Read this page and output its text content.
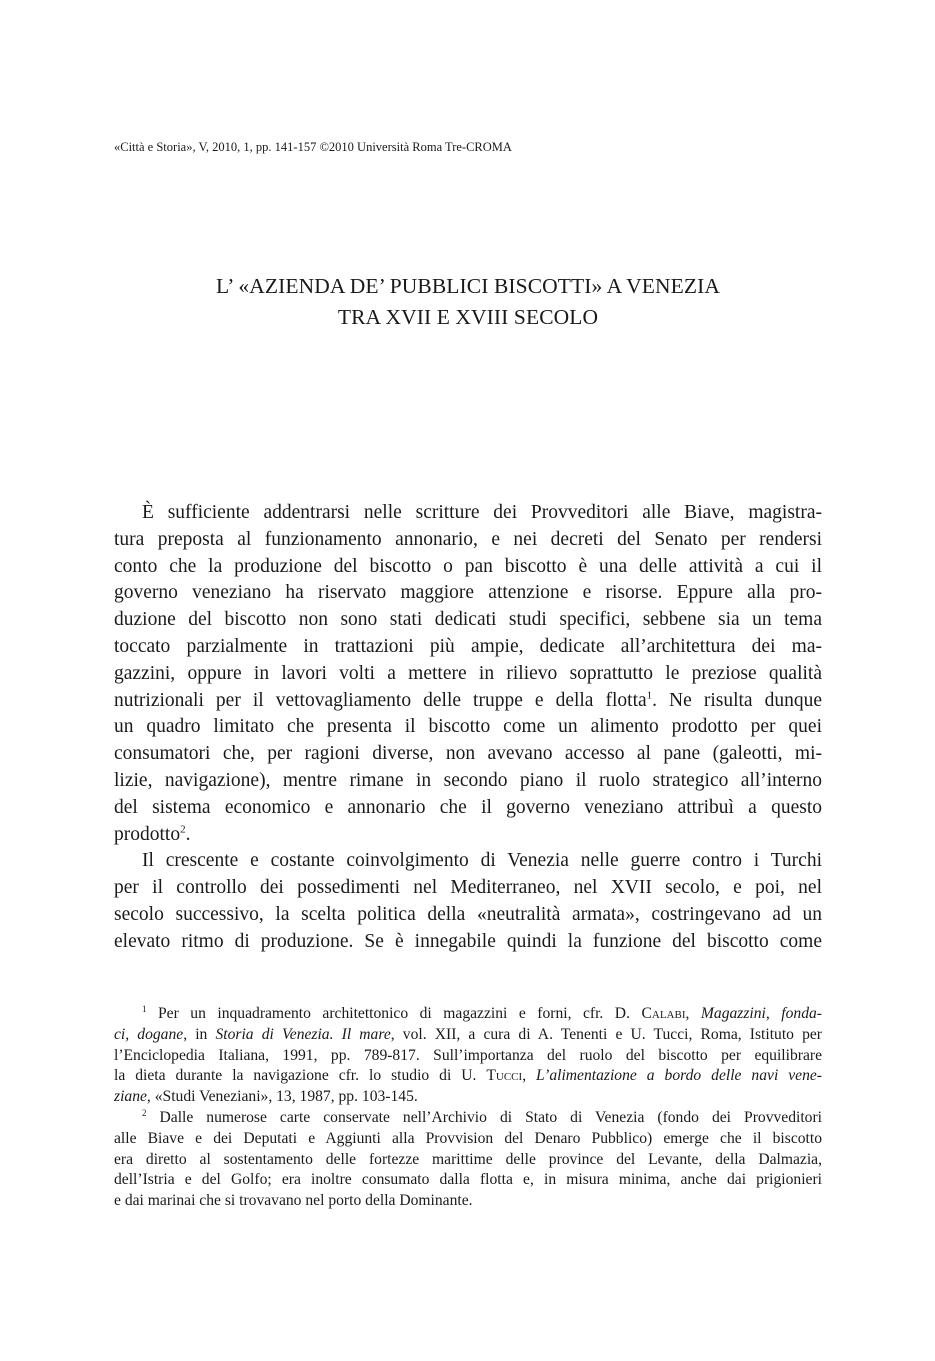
«Città e Storia», V, 2010, 1, pp. 141-157 ©2010 Università Roma Tre-CROMA
L’ «AZIENDA DE’ PUBBLICI BISCOTTI» A VENEZIA
TRA XVII E XVIII SECOLO

È sufficiente addentrarsi nelle scritture dei Provveditori alle Biave, magistra-
tura preposta al funzionamento annonario, e nei decreti del Senato per rendersi
conto che la produzione del biscotto o pan biscotto è una delle attività a cui il
governo veneziano ha riservato maggiore attenzione e risorse. Eppure alla pro-
duzione del biscotto non sono stati dedicati studi specifici, sebbene sia un tema
toccato parzialmente in trattazioni più ampie, dedicate all’architettura dei ma-
gazzini, oppure in lavori volti a mettere in rilievo soprattutto le preziose qualità
nutrizionali per il vettovagliamento delle truppe e della flotta$^1$. Ne risulta dunque
un quadro limitato che presenta il biscotto come un alimento prodotto per quei
consumatori che, per ragioni diverse, non avevano accesso al pane (galeotti, mi-
lizie, navigazione), mentre rimane in secondo piano il ruolo strategico all’interno
del sistema economico e annonario che il governo veneziano attribuì a questo
prodotto$^2$.

Il crescente e costante coinvolgimento di Venezia nelle guerre contro i Turchi
per il controllo dei possedimenti nel Mediterraneo, nel XVII secolo, e poi, nel
secolo successivo, la scelta politica della «neutralità armata», costringevano ad un
elevato ritmo di produzione. Se è innegabile quindi la funzione del biscotto come

$^1$ Per un inquadramento architettonico di magazzini e forni, cfr. D. Calabi, Magazzini, fonda-
ci, dogane, in Storia di Venezia. Il mare, vol. XII, a cura di A. Tenenti e U. Tucci, Roma, Istituto per
l’Enciclopedia Italiana, 1991, pp. 789-817. Sull’importanza del ruolo del biscotto per equilibrare
la dieta durante la navigazione cfr. lo studio di U. Tucci, L’alimentazione a bordo delle navi vene-
ziane, «Studi Veneziani», 13, 1987, pp. 103-145.

$^2$ Dalle numerose carte conservate nell’Archivio di Stato di Venezia (fondo dei Provveditori
alle Biave e dei Deputati e Aggiunti alla Provvision del Denaro Pubblico) emerge che il biscotto
era diretto al sostentamento delle fortezze marittime delle province del Levante, della Dalmazia,
dell’Istria e del Golfo; era inoltre consumato dalla flotta e, in misura minima, anche dai prigionieri
e dai marinai che si trovavano nel porto della Dominante.
